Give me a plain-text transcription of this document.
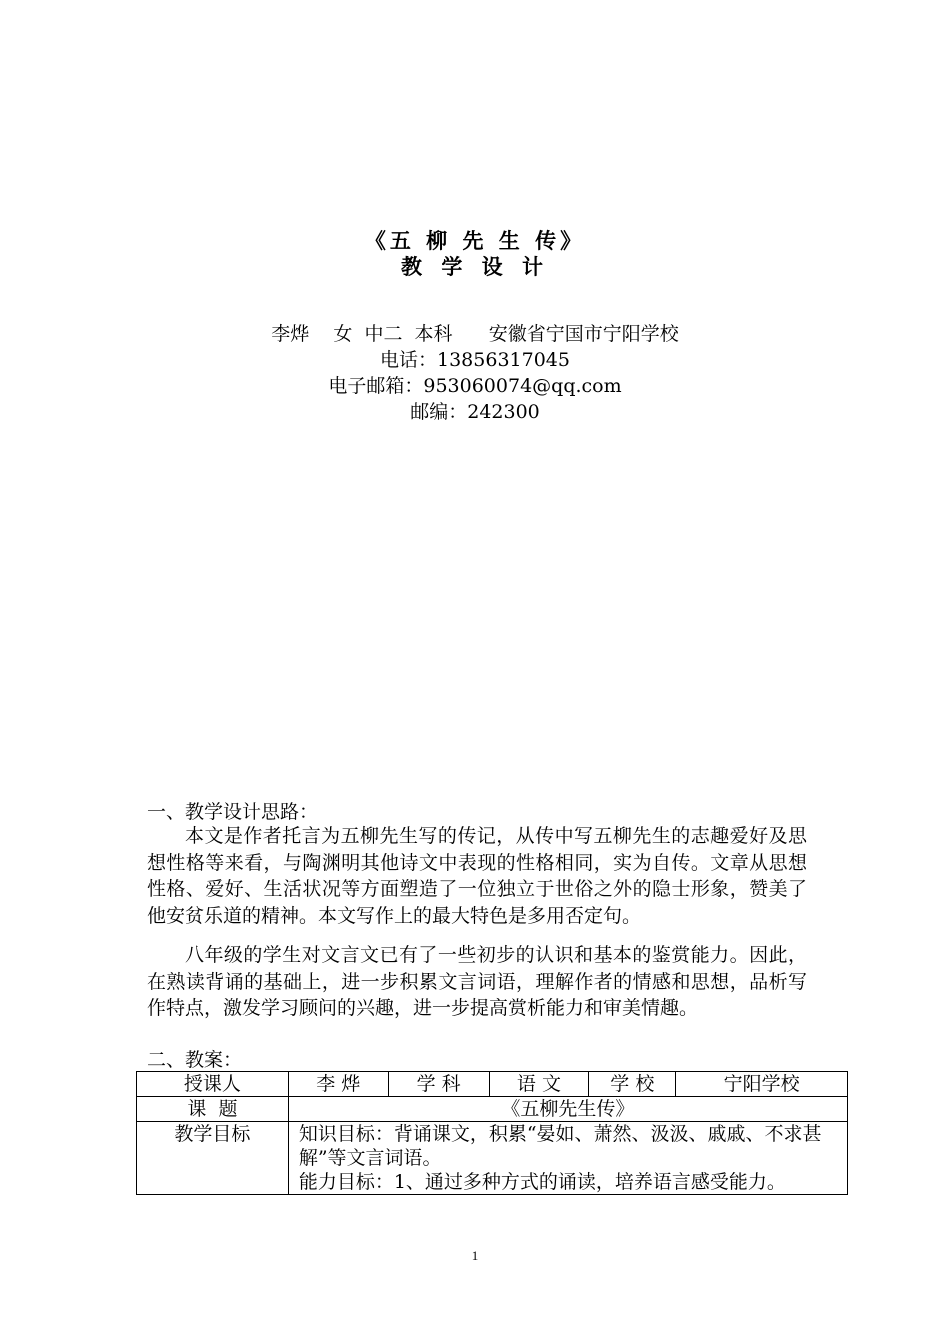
《五 柳 先 生 传》
教 学 设 计
李烨    女  中二  本科      安徽省宁国市宁阳学校
电话：13856317045
电子邮箱：953060074@qq.com
邮编：242300
一、教学设计思路：
本文是作者托言为五柳先生写的传记，从传中写五柳先生的志趣爱好及思想性格等来看，与陶渊明其他诗文中表现的性格相同，实为自传。文章从思想性格、爱好、生活状况等方面塑造了一位独立于世俗之外的隐士形象，赞美了他安贫乐道的精神。本文写作上的最大特色是多用否定句。
八年级的学生对文言文已有了一些初步的认识和基本的鉴赏能力。因此，在熟读背诵的基础上，进一步积累文言词语，理解作者的情感和思想，品析写作特点，激发学习顾问的兴趣，进一步提高赏析能力和审美情趣。
二、教案：
授课人	李 烨	学 科	语 文	学 校	宁阳学校
课  题	《五柳先生传》				
教学目标	知识目标：背诵课文，积累“晏如、萧然、汲汲、戚戚、不求甚解”等文言词语。
能力目标：1、通过多种方式的诵读，培养语言感受能力。				
1
